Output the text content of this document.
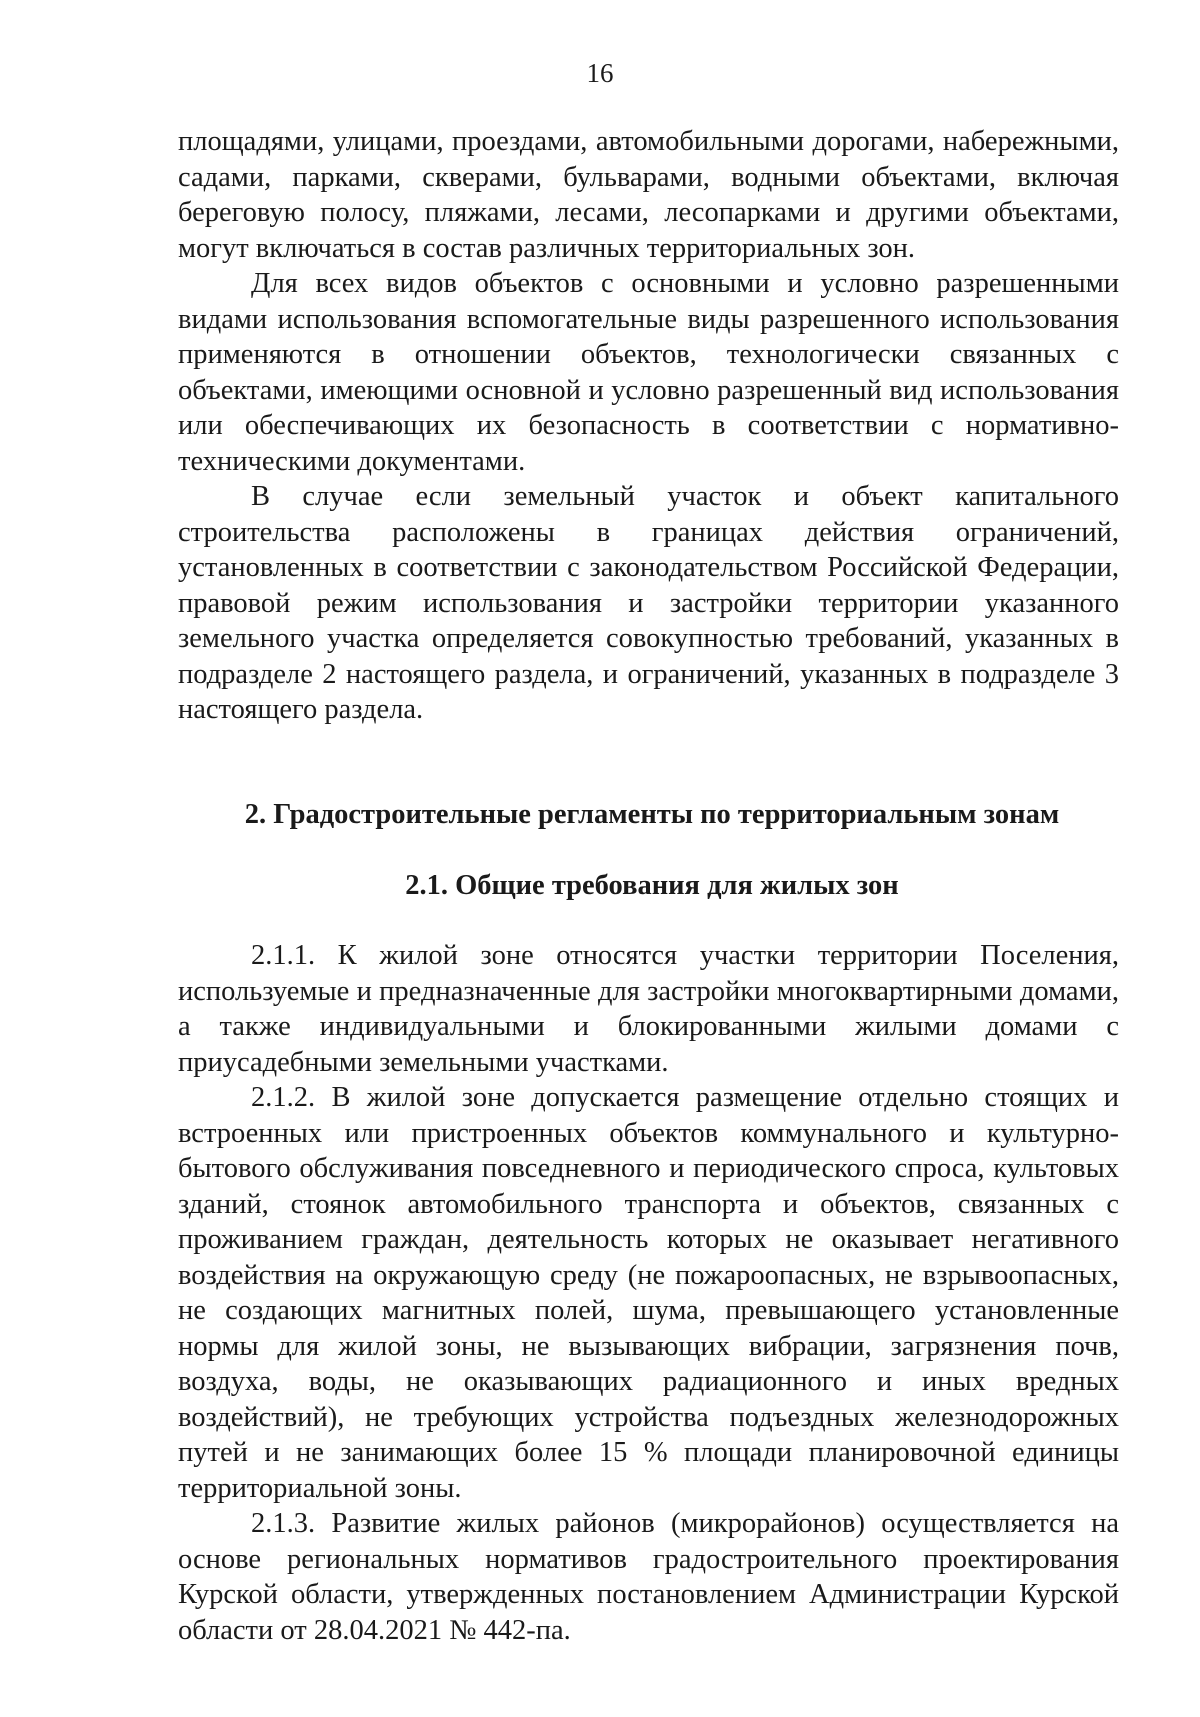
16

площадями, улицами, проездами, автомобильными дорогами, набережными, садами, парками, скверами, бульварами, водными объектами, включая береговую полосу, пляжами, лесами, лесопарками и другими объектами, могут включаться в состав различных территориальных зон.

Для всех видов объектов с основными и условно разрешенными видами использования вспомогательные виды разрешенного использования применяются в отношении объектов, технологически связанных с объектами, имеющими основной и условно разрешенный вид использования или обеспечивающих их безопасность в соответствии с нормативно-техническими документами.

В случае если земельный участок и объект капитального строительства расположены в границах действия ограничений, установленных в соответствии с законодательством Российской Федерации, правовой режим использования и застройки территории указанного земельного участка определяется совокупностью требований, указанных в подразделе 2 настоящего раздела, и ограничений, указанных в подразделе 3 настоящего раздела.

2. Градостроительные регламенты по территориальным зонам
2.1. Общие требования для жилых зон

2.1.1. К жилой зоне относятся участки территории Поселения, используемые и предназначенные для застройки многоквартирными домами, а также индивидуальными и блокированными жилыми домами с приусадебными земельными участками.

2.1.2. В жилой зоне допускается размещение отдельно стоящих и встроенных или пристроенных объектов коммунального и культурно-бытового обслуживания повседневного и периодического спроса, культовых зданий, стоянок автомобильного транспорта и объектов, связанных с проживанием граждан, деятельность которых не оказывает негативного воздействия на окружающую среду (не пожароопасных, не взрывоопасных, не создающих магнитных полей, шума, превышающего установленные нормы для жилой зоны, не вызывающих вибрации, загрязнения почв, воздуха, воды, не оказывающих радиационного и иных вредных воздействий), не требующих устройства подъездных железнодорожных путей и не занимающих более 15 % площади планировочной единицы территориальной зоны.

2.1.3. Развитие жилых районов (микрорайонов) осуществляется на основе региональных нормативов градостроительного проектирования Курской области, утвержденных постановлением Администрации Курской области от 28.04.2021 № 442-па.
